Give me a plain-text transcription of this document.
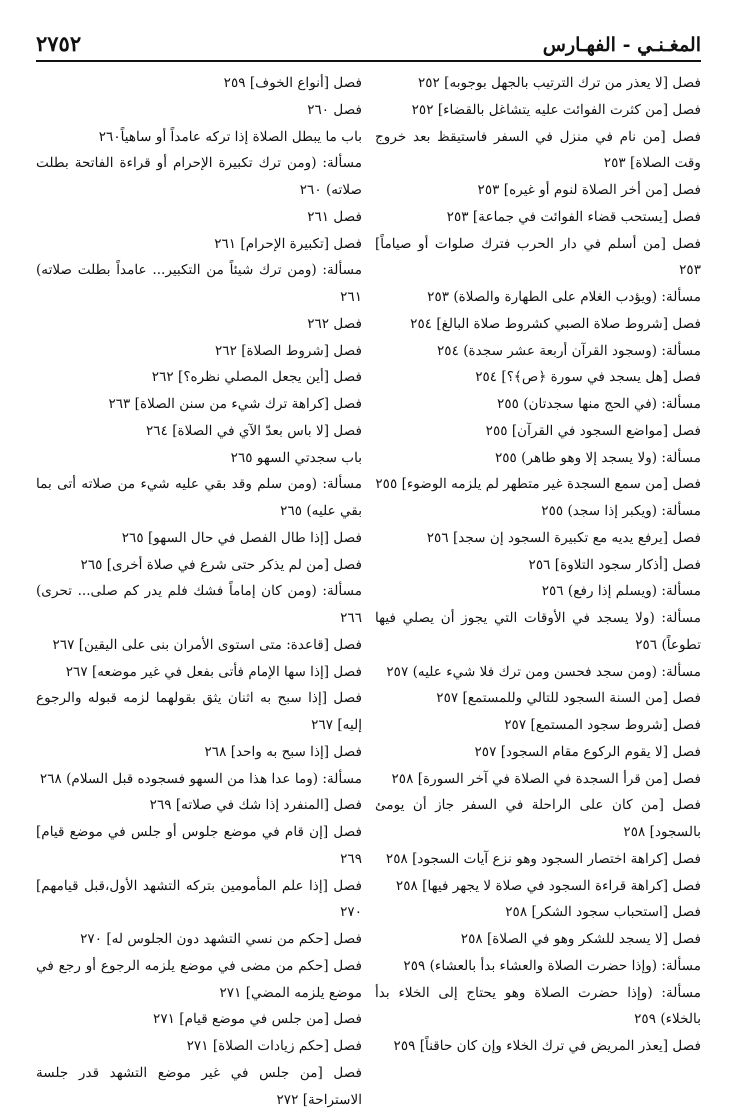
٢٧٥٢	المغـنـي - الفهـارس

فصل [لا يعذر من ترك الترتيب بالجهل بوجوبه] ٢٥٢

فصل [من كثرت الفوائت عليه يتشاغل بالقضاء] ٢٥٢

فصل [من نام في منزل في السفر فاستيقظ بعد خروج وقت الصلاة] ٢٥٣

فصل [من أخر الصلاة لنوم أو غيره] ٢٥٣

فصل [يستحب قضاء الفوائت في جماعة] ٢٥٣

فصل [من أسلم في دار الحرب فترك صلوات أو صياماً] ٢٥٣

مسألة: (ويؤدب الغلام على الطهارة والصلاة) ٢٥٣

فصل [شروط صلاة الصبي كشروط صلاة البالغ] ٢٥٤

مسألة: (وسجود القرآن أربعة عشر سجدة) ٢٥٤

فصل [هل يسجد في سورة ﴿ص﴾؟] ٢٥٤

مسألة: (في الحج منها سجدتان) ٢٥٥

فصل [مواضع السجود في القرآن] ٢٥٥

مسألة: (ولا يسجد إلا وهو طاهر) ٢٥٥

فصل [من سمع السجدة غير متطهر لم يلزمه الوضوء] ٢٥٥

مسألة: (ويكبر إذا سجد) ٢٥٥

فصل [يرفع يديه مع تكبيرة السجود إن سجد] ٢٥٦

فصل [أذكار سجود التلاوة] ٢٥٦

مسألة: (ويسلم إذا رفع) ٢٥٦

مسألة: (ولا يسجد في الأوقات التي يجوز أن يصلي فيها تطوعاً) ٢٥٦

مسألة: (ومن سجد فحسن ومن ترك فلا شيء عليه) ٢٥٧

فصل [من السنة السجود للتالي وللمستمع] ٢٥٧

فصل [شروط سجود المستمع] ٢٥٧

فصل [لا يقوم الركوع مقام السجود] ٢٥٧

فصل [من قرأ السجدة في الصلاة في آخر السورة] ٢٥٨

فصل [من كان على الراحلة في السفر جاز أن يومئ بالسجود] ٢٥٨

فصل [كراهة اختصار السجود وهو نزع آيات السجود] ٢٥٨

فصل [كراهة قراءة السجود في صلاة لا يجهر فيها] ٢٥٨

فصل [استحباب سجود الشكر] ٢٥٨

فصل [لا يسجد للشكر وهو في الصلاة] ٢٥٨

مسألة: (وإذا حضرت الصلاة والعشاء بدأ بالعشاء) ٢٥٩

مسألة: (وإذا حضرت الصلاة وهو يحتاج إلى الخلاء بدأ بالخلاء) ٢٥٩

فصل [يعذر المريض في ترك الخلاء وإن كان حاقناً] ٢٥٩

فصل [أنواع الخوف] ٢٥٩

فصل ٢٦٠

باب ما يبطل الصلاة إذا تركه عامداً أو ساهياً٢٦٠

مسألة: (ومن ترك تكبيرة الإحرام أو قراءة الفاتحة بطلت صلاته) ٢٦٠

فصل ٢٦١

فصل [تكبيرة الإحرام] ٢٦١

مسألة: (ومن ترك شيئاً من التكبير... عامداً بطلت صلاته) ٢٦١

فصل ٢٦٢

فصل [شروط الصلاة] ٢٦٢

فصل [أين يجعل المصلي نظره؟] ٢٦٢

فصل [كراهة ترك شيء من سنن الصلاة] ٢٦٣

فصل [لا باس بعدّ الآي في الصلاة] ٢٦٤

باب سجدتي السهو ٢٦٥

مسألة: (ومن سلم وقد بقي عليه شيء من صلاته أتى بما بقي عليه) ٢٦٥

فصل [إذا طال الفصل في حال السهو] ٢٦٥

فصل [من لم يذكر حتى شرع في صلاة أخرى] ٢٦٥

مسألة: (ومن كان إماماً فشك فلم يدر كم صلى... تحرى) ٢٦٦

فصل [قاعدة: متى استوى الأمران بنى على اليقين] ٢٦٧

فصل [إذا سها الإمام فأتى بفعل في غير موضعه] ٢٦٧

فصل [إذا سبح به اثنان يثق بقولهما لزمه قبوله والرجوع إليه] ٢٦٧

فصل [إذا سبح به واحد] ٢٦٨

مسألة: (وما عدا هذا من السهو فسجوده قبل السلام) ٢٦٨

فصل [المنفرد إذا شك في صلاته] ٢٦٩

فصل [إن قام في موضع جلوس أو جلس في موضع قيام] ٢٦٩

فصل [إذا علم المأمومين بتركه التشهد الأول،قبل قيامهم] ٢٧٠

فصل [حكم من نسي التشهد دون الجلوس له] ٢٧٠

فصل [حكم من مضى في موضع يلزمه الرجوع أو رجع في موضع يلزمه المضي] ٢٧١

فصل [من جلس في موضع قيام] ٢٧١

فصل [حكم زيادات الصلاة] ٢٧١

فصل [من جلس في غير موضع التشهد قدر جلسة الاستراحة] ٢٧٢
